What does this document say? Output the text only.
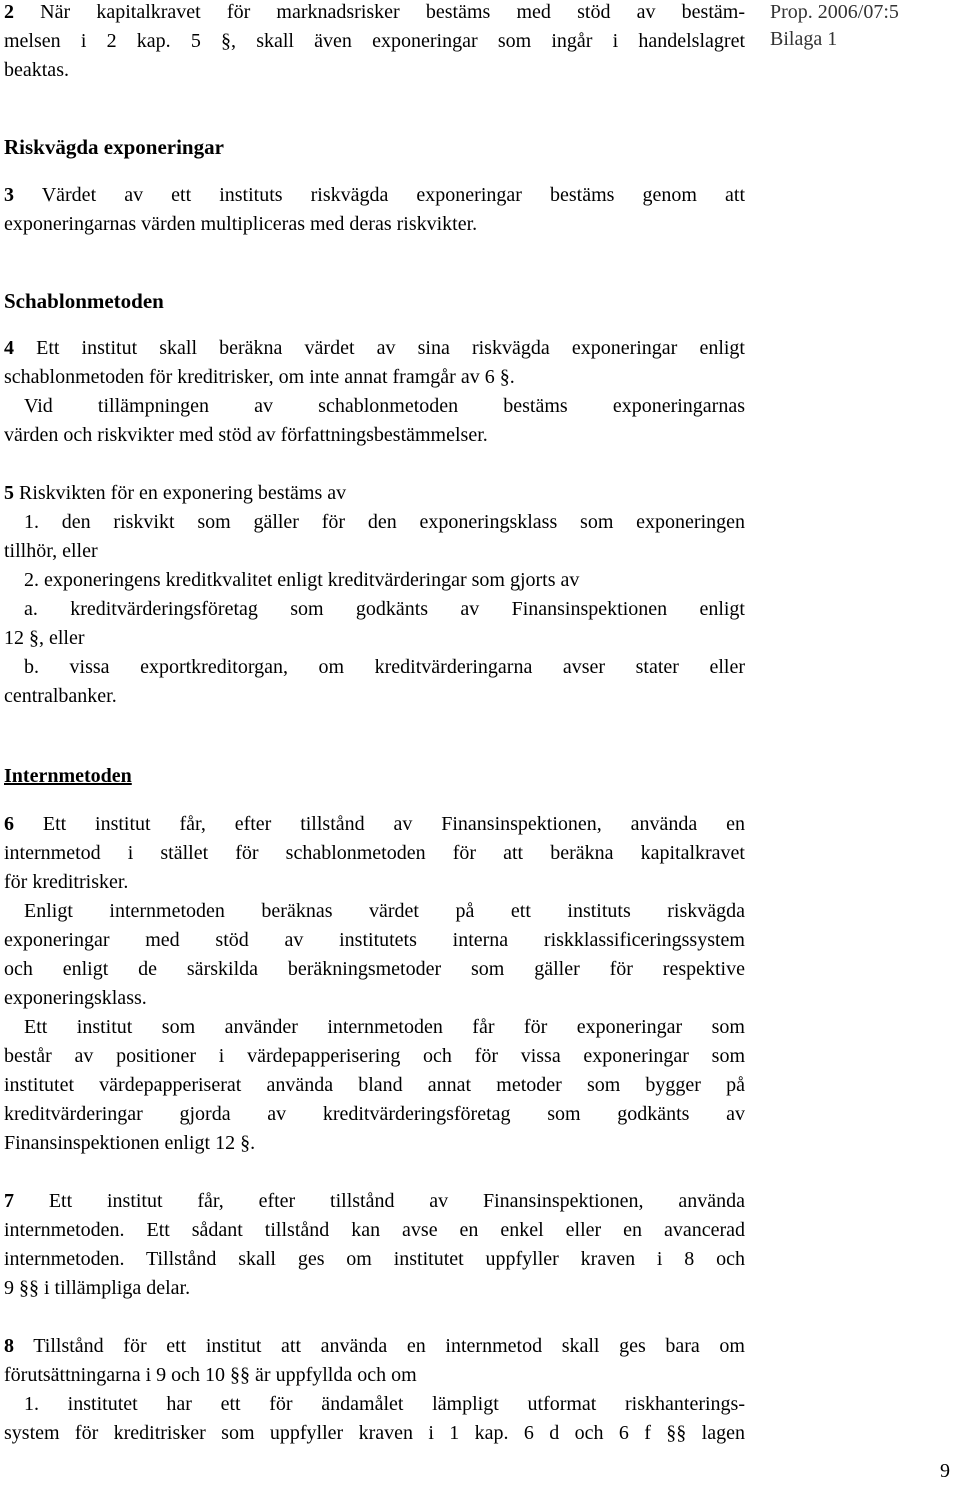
Prop. 2006/07:5
Bilaga 1
2 När kapitalkravet för marknadsrisker bestäms med stöd av bestäm-
melsen i 2 kap. 5 §, skall även exponeringar som ingår i handelslagret
beaktas.
Riskvägda exponeringar
3 Värdet av ett instituts riskvägda exponeringar bestäms genom att
exponeringarnas värden multipliceras med deras riskvikter.
Schablonmetoden
4 Ett institut skall beräkna värdet av sina riskvägda exponeringar enligt
schablonmetoden för kreditrisker, om inte annat framgår av 6 §.
Vid tillämpningen av schablonmetoden bestäms exponeringarnas
värden och riskvikter med stöd av författningsbestämmelser.
5 Riskvikten för en exponering bestäms av
1. den riskvikt som gäller för den exponeringsklass som exponeringen
tillhör, eller
2. exponeringens kreditkvalitet enligt kreditvärderingar som gjorts av
a. kreditvärderingsföretag som godkänts av Finansinspektionen enligt
12 §, eller
b. vissa exportkreditorgan, om kreditvärderingarna avser stater eller
centralbanker.
Internmetoden
6 Ett institut får, efter tillstånd av Finansinspektionen, använda en
internmetod i stället för schablonmetoden för att beräkna kapitalkravet
för kreditrisker.
Enligt internmetoden beräknas värdet på ett instituts riskvägda
exponeringar med stöd av institutets interna riskklassificeringssystem
och enligt de särskilda beräkningsmetoder som gäller för respektive
exponeringsklass.
Ett institut som använder internmetoden får för exponeringar som
består av positioner i värdepapperisering och för vissa exponeringar som
institutet värdepapperiserat använda bland annat metoder som bygger på
kreditvärderingar gjorda av kreditvärderingsföretag som godkänts av
Finansinspektionen enligt 12 §.
7 Ett institut får, efter tillstånd av Finansinspektionen, använda
internmetoden. Ett sådant tillstånd kan avse en enkel eller en avancerad
internmetoden. Tillstånd skall ges om institutet uppfyller kraven i 8 och
9 §§ i tillämpliga delar.
8 Tillstånd för ett institut att använda en internmetod skall ges bara om
förutsättningarna i 9 och 10 §§ är uppfyllda och om
1. institutet har ett för ändamålet lämpligt utformat riskhanterings-
system för kreditrisker som uppfyller kraven i 1 kap. 6 d och 6 f §§ lagen
9
